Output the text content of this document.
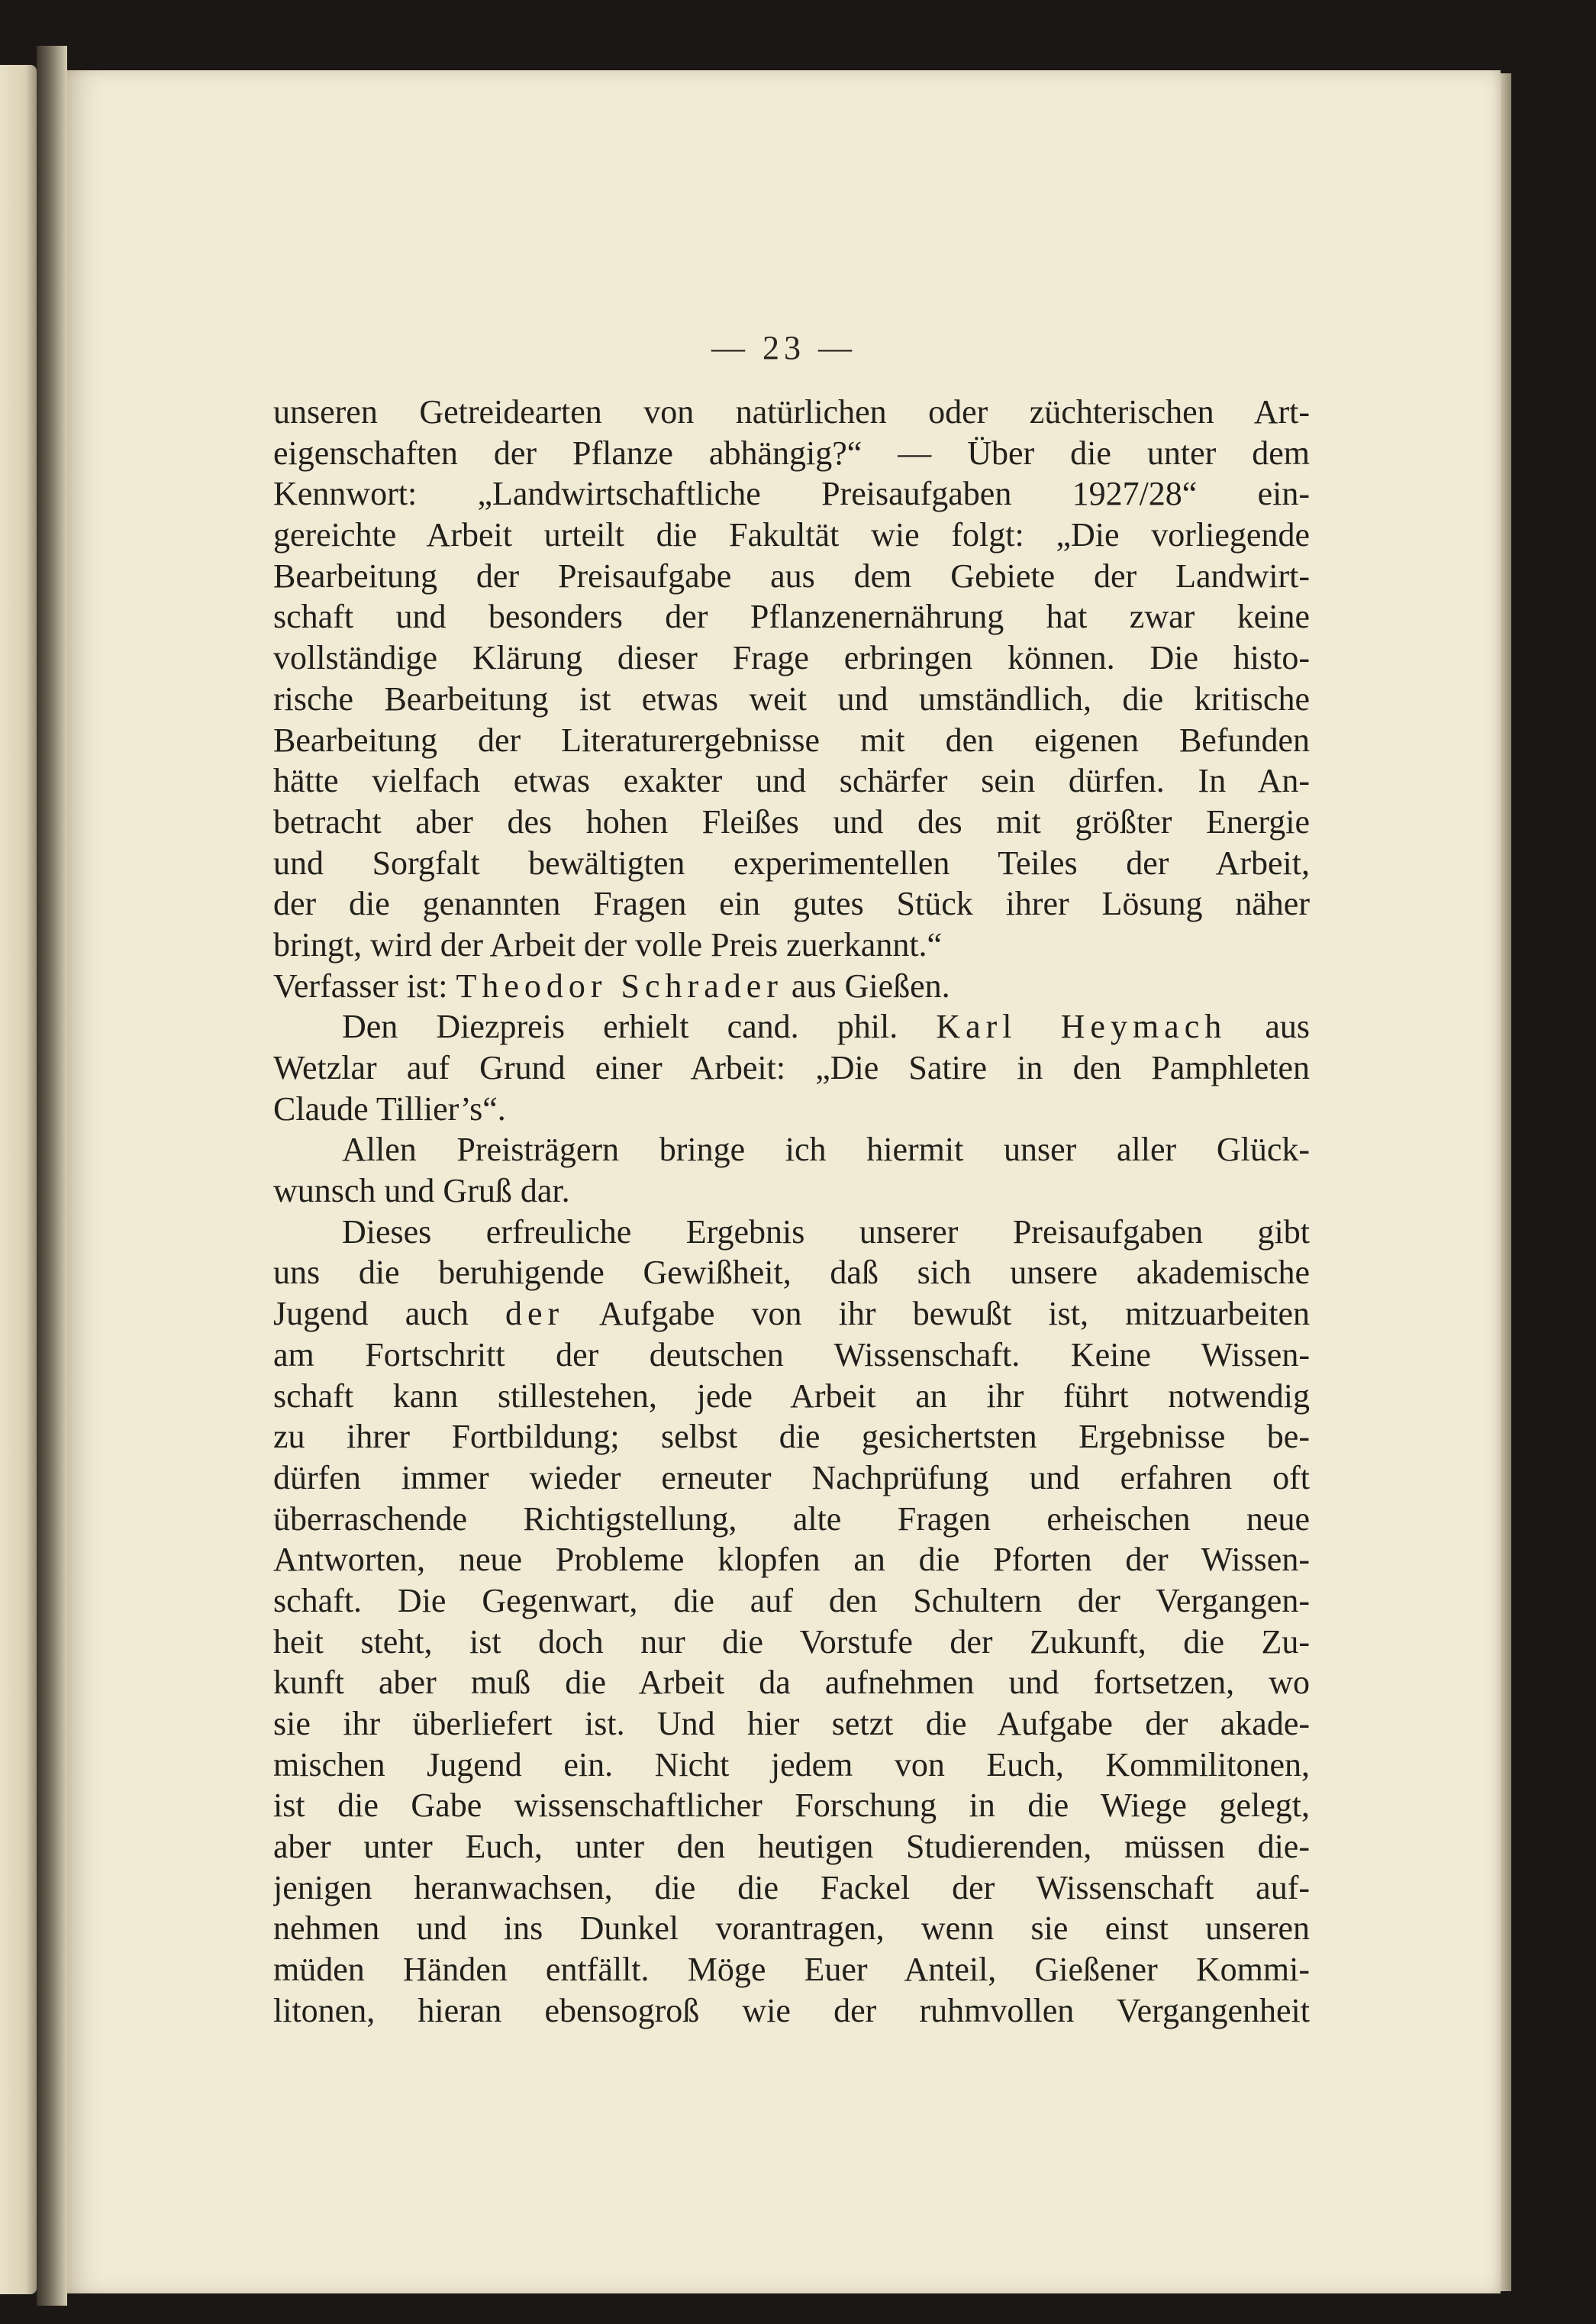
— 23 —
unseren Getreidearten von natürlichen oder züchterischen Art-
eigenschaften der Pflanze abhängig?“ — Über die unter dem
Kennwort: „Landwirtschaftliche Preisaufgaben 1927/28“ ein-
gereichte Arbeit urteilt die Fakultät wie folgt: „Die vorliegende
Bearbeitung der Preisaufgabe aus dem Gebiete der Landwirt-
schaft und besonders der Pflanzenernährung hat zwar keine
vollständige Klärung dieser Frage erbringen können. Die histo-
rische Bearbeitung ist etwas weit und umständlich, die kritische
Bearbeitung der Literaturergebnisse mit den eigenen Befunden
hätte vielfach etwas exakter und schärfer sein dürfen. In An-
betracht aber des hohen Fleißes und des mit größter Energie
und Sorgfalt bewältigten experimentellen Teiles der Arbeit,
der die genannten Fragen ein gutes Stück ihrer Lösung näher
bringt, wird der Arbeit der volle Preis zuerkannt.“
Verfasser ist: Theodor Schrader aus Gießen.
Den Diezpreis erhielt cand. phil. Karl Heymach aus
Wetzlar auf Grund einer Arbeit: „Die Satire in den Pamphleten
Claude Tillier’s“.
Allen Preisträgern bringe ich hiermit unser aller Glück-
wunsch und Gruß dar.
Dieses erfreuliche Ergebnis unserer Preisaufgaben gibt
uns die beruhigende Gewißheit, daß sich unsere akademische
Jugend auch der Aufgabe von ihr bewußt ist, mitzuarbeiten
am Fortschritt der deutschen Wissenschaft. Keine Wissen-
schaft kann stillestehen, jede Arbeit an ihr führt notwendig
zu ihrer Fortbildung; selbst die gesichertsten Ergebnisse be-
dürfen immer wieder erneuter Nachprüfung und erfahren oft
überraschende Richtigstellung, alte Fragen erheischen neue
Antworten, neue Probleme klopfen an die Pforten der Wissen-
schaft. Die Gegenwart, die auf den Schultern der Vergangen-
heit steht, ist doch nur die Vorstufe der Zukunft, die Zu-
kunft aber muß die Arbeit da aufnehmen und fortsetzen, wo
sie ihr überliefert ist. Und hier setzt die Aufgabe der akade-
mischen Jugend ein. Nicht jedem von Euch, Kommilitonen,
ist die Gabe wissenschaftlicher Forschung in die Wiege gelegt,
aber unter Euch, unter den heutigen Studierenden, müssen die-
jenigen heranwachsen, die die Fackel der Wissenschaft auf-
nehmen und ins Dunkel vorantragen, wenn sie einst unseren
müden Händen entfällt. Möge Euer Anteil, Gießener Kommi-
litonen, hieran ebensogroß wie der ruhmvollen Vergangenheit
